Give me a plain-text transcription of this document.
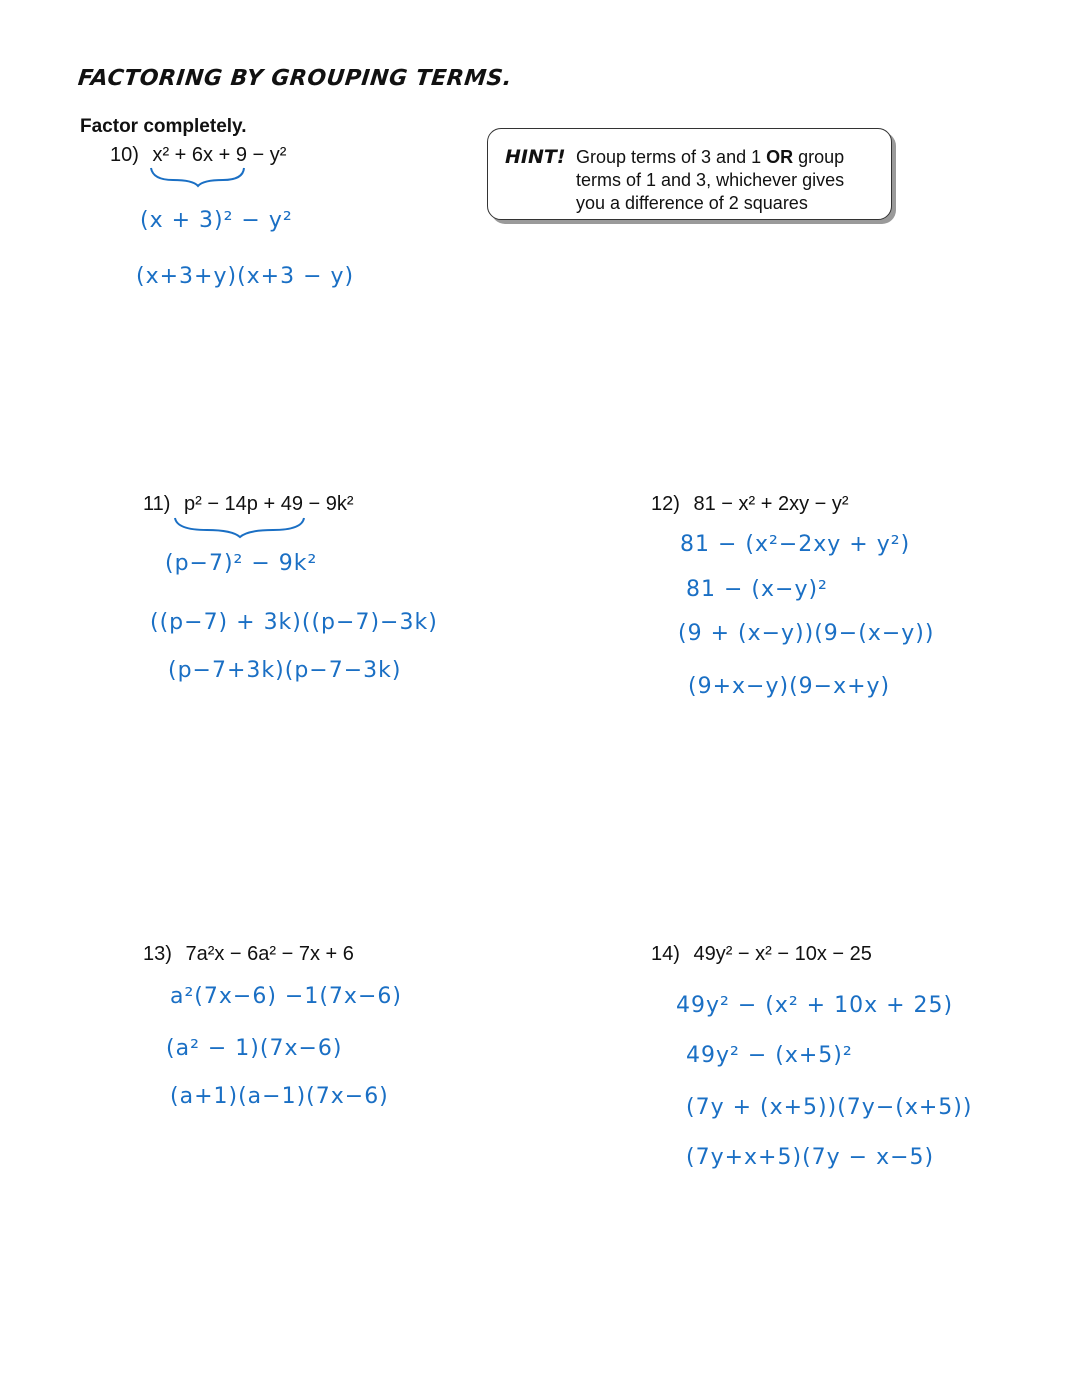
FACTORING BY GROUPING TERMS.
Factor completely.
HINT! Group terms of 3 and 1 OR group
terms of 1 and 3, whichever gives
you a difference of 2 squares
10) x² + 6x + 9 − y²
(x + 3)² − y²
(x+3+y)(x+3 − y)
11) p² − 14p + 49 − 9k²
(p−7)² − 9k²
((p−7) + 3k)((p−7)−3k)
(p−7+3k)(p−7−3k)
12) 81 − x² + 2xy − y²
81 − (x²−2xy + y²)
81 − (x−y)²
(9 + (x−y))(9−(x−y))
(9+x−y)(9−x+y)
13) 7a²x − 6a² − 7x + 6
a²(7x−6) −1(7x−6)
(a² − 1)(7x−6)
(a+1)(a−1)(7x−6)
14) 49y² − x² − 10x − 25
49y² − (x² + 10x + 25)
49y² − (x+5)²
(7y + (x+5))(7y−(x+5))
(7y+x+5)(7y − x−5)
